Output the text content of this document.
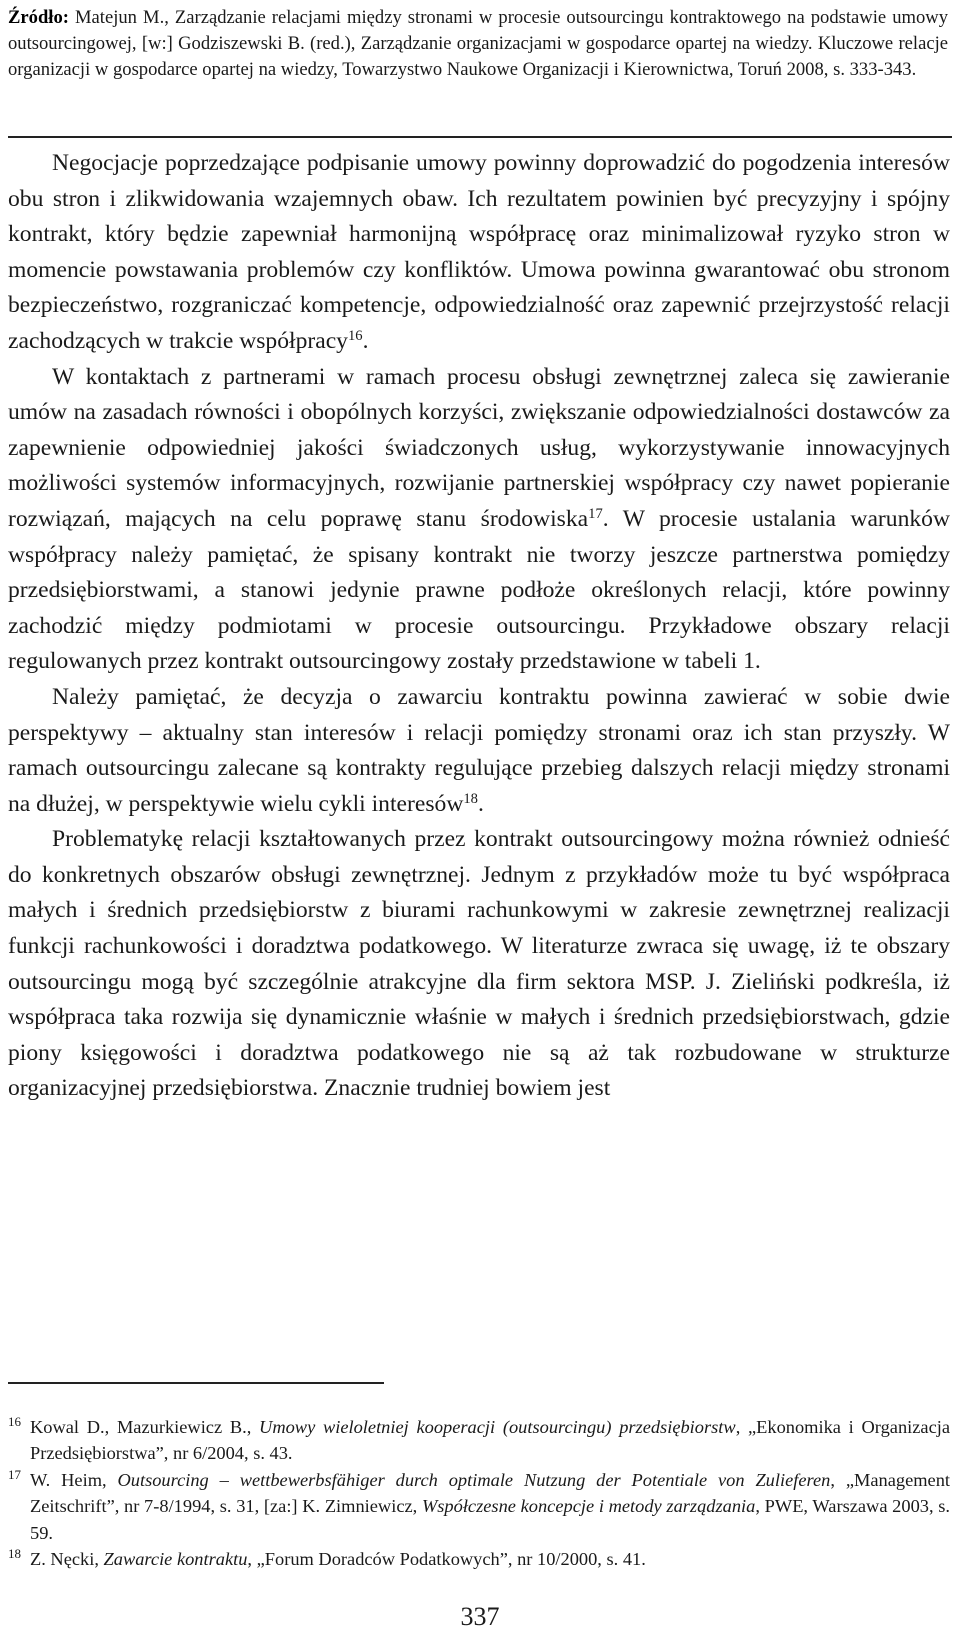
Źródło: Matejun M., Zarządzanie relacjami między stronami w procesie outsourcingu kontraktowego na podstawie umowy outsourcingowej, [w:] Godziszewski B. (red.), Zarządzanie organizacjami w gospodarce opartej na wiedzy. Kluczowe relacje organizacji w gospodarce opartej na wiedzy, Towarzystwo Naukowe Organizacji i Kierownictwa, Toruń 2008, s. 333-343.

Negocjacje poprzedzające podpisanie umowy powinny doprowadzić do pogodzenia interesów obu stron i zlikwidowania wzajemnych obaw. Ich rezultatem powinien być precyzyjny i spójny kontrakt, który będzie zapewniał harmonijną współpracę oraz minimalizował ryzyko stron w momencie powstawania problemów czy konfliktów. Umowa powinna gwarantować obu stronom bezpieczeństwo, rozgraniczać kompetencje, odpowiedzialność oraz zapewnić przejrzystość relacji zachodzących w trakcie współpracy$^{16}$.

W kontaktach z partnerami w ramach procesu obsługi zewnętrznej zaleca się zawieranie umów na zasadach równości i obopólnych korzyści, zwiększanie odpowiedzialności dostawców za zapewnienie odpowiedniej jakości świadczonych usług, wykorzystywanie innowacyjnych możliwości systemów informacyjnych, rozwijanie partnerskiej współpracy czy nawet popieranie rozwiązań, mających na celu poprawę stanu środowiska$^{17}$. W procesie ustalania warunków współpracy należy pamiętać, że spisany kontrakt nie tworzy jeszcze partnerstwa pomiędzy przedsiębiorstwami, a stanowi jedynie prawne podłoże określonych relacji, które powinny zachodzić między podmiotami w procesie outsourcingu. Przykładowe obszary relacji regulowanych przez kontrakt outsourcingowy zostały przedstawione w tabeli 1.

Należy pamiętać, że decyzja o zawarciu kontraktu powinna zawierać w sobie dwie perspektywy – aktualny stan interesów i relacji pomiędzy stronami oraz ich stan przyszły. W ramach outsourcingu zalecane są kontrakty regulujące przebieg dalszych relacji między stronami na dłużej, w perspektywie wielu cykli interesów$^{18}$.

Problematykę relacji kształtowanych przez kontrakt outsourcingowy można również odnieść do konkretnych obszarów obsługi zewnętrznej. Jednym z przykładów może tu być współpraca małych i średnich przedsiębiorstw z biurami rachunkowymi w zakresie zewnętrznej realizacji funkcji rachunkowości i doradztwa podatkowego. W literaturze zwraca się uwagę, iż te obszary outsourcingu mogą być szczególnie atrakcyjne dla firm sektora MSP. J. Zieliński podkreśla, iż współpraca taka rozwija się dynamicznie właśnie w małych i średnich przedsiębiorstwach, gdzie piony księgowości i doradztwa podatkowego nie są aż tak rozbudowane w strukturze organizacyjnej przedsiębiorstwa. Znacznie trudniej bowiem jest

16 Kowal D., Mazurkiewicz B., Umowy wieloletniej kooperacji (outsourcingu) przedsiębiorstw, „Ekonomika i Organizacja Przedsiębiorstwa”, nr 6/2004, s. 43.

17 W. Heim, Outsourcing – wettbewerbsfähiger durch optimale Nutzung der Potentiale von Zulieferen, „Management Zeitschrift”, nr 7-8/1994, s. 31, [za:] K. Zimniewicz, Współczesne koncepcje i metody zarządzania, PWE, Warszawa 2003, s. 59.

18 Z. Nęcki, Zawarcie kontraktu, „Forum Doradców Podatkowych”, nr 10/2000, s. 41.

337
